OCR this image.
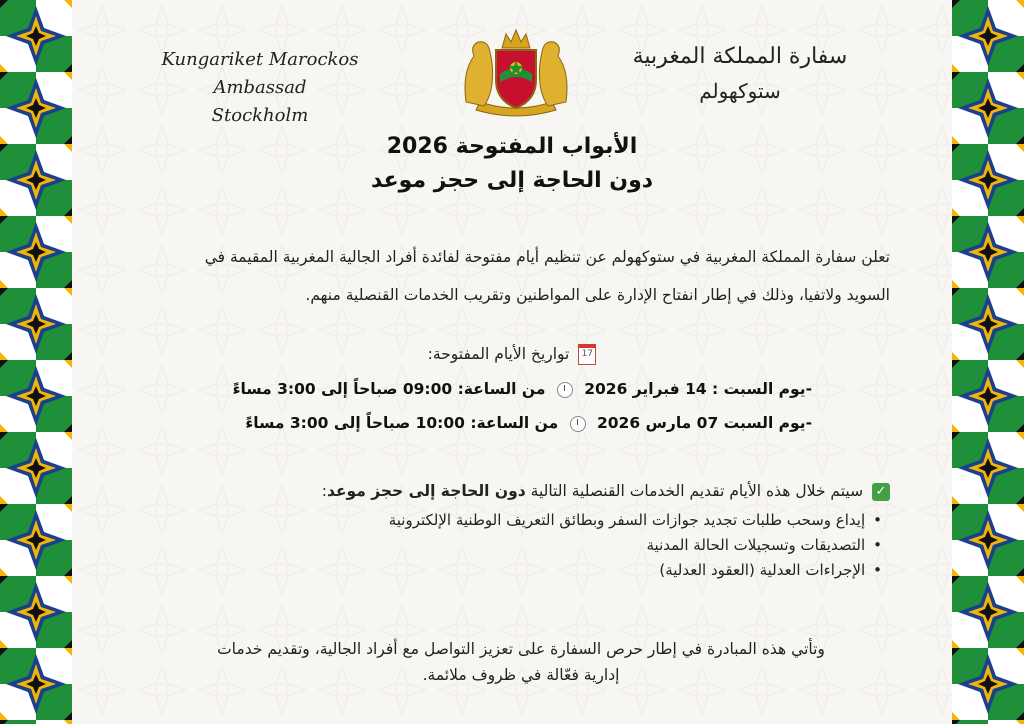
Kungariket Marockos Ambassad
Stockholm
سفارة المملكة المغربية
ستوكهولم
الأبواب المفتوحة 2026
دون الحاجة إلى حجز موعد
تعلن سفارة المملكة المغربية في ستوكهولم عن تنظيم أيام مفتوحة لفائدة أفراد الجالية المغربية المقيمة في السويد ولاتفيا، وذلك في إطار انفتاح الإدارة على المواطنين وتقريب الخدمات القنصلية منهم.
17 تواريخ الأيام المفتوحة:
-يوم السبت : 14 فبراير 2026  من الساعة: 09:00 صباحاً إلى 3:00 مساءً
-يوم السبت 07 مارس 2026  من الساعة: 10:00 صباحاً إلى 3:00 مساءً
✓ سيتم خلال هذه الأيام تقديم الخدمات القنصلية التالية دون الحاجة إلى حجز موعد:
• إيداع وسحب طلبات تجديد جوازات السفر وبطائق التعريف الوطنية الإلكترونية
• التصديقات وتسجيلات الحالة المدنية
• الإجراءات العدلية (العقود العدلية)
وتأتي هذه المبادرة في إطار حرص السفارة على تعزيز التواصل مع أفراد الجالية، وتقديم خدمات
إدارية فعّالة في ظروف ملائمة.
